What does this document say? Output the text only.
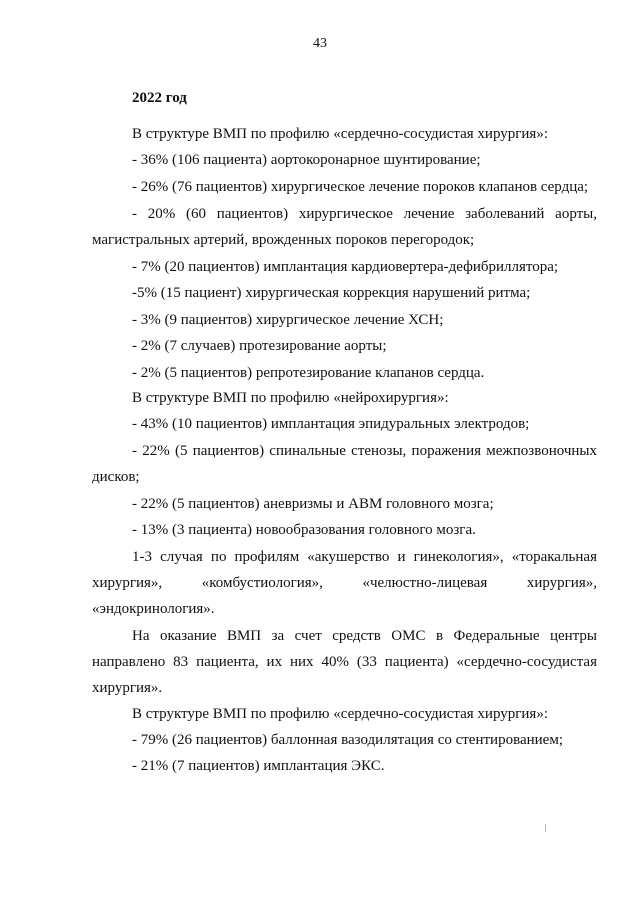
43
2022 год
В структуре ВМП по профилю «сердечно-сосудистая хирургия»:
- 36% (106 пациента) аортокоронарное шунтирование;
- 26% (76 пациентов) хирургическое лечение пороков клапанов сердца;
- 20% (60 пациентов) хирургическое лечение заболеваний аорты,
магистральных артерий, врожденных пороков перегородок;
- 7% (20 пациентов) имплантация кардиовертера-дефибриллятора;
-5% (15 пациент) хирургическая коррекция нарушений ритма;
- 3% (9 пациентов) хирургическое лечение ХСН;
- 2% (7 случаев) протезирование аорты;
- 2% (5 пациентов) репротезирование клапанов сердца.
В структуре ВМП по профилю «нейрохирургия»:
- 43% (10 пациентов) имплантация эпидуральных электродов;
- 22% (5 пациентов) спинальные стенозы, поражения межпозвоночных
дисков;
- 22% (5 пациентов) аневризмы и АВМ головного мозга;
- 13% (3 пациента) новообразования головного мозга.
1-3 случая по профилям «акушерство и гинекология», «торакальная
хирургия», «комбустиология», «челюстно-лицевая хирургия»,
«эндокринология».
На оказание ВМП за счет средств ОМС в Федеральные центры
направлено 83 пациента, их них 40% (33 пациента) «сердечно-сосудистая
хирургия».
В структуре ВМП по профилю «сердечно-сосудистая хирургия»:
- 79% (26 пациентов) баллонная вазодилятация со стентированием;
- 21% (7 пациентов) имплантация ЭКС.
